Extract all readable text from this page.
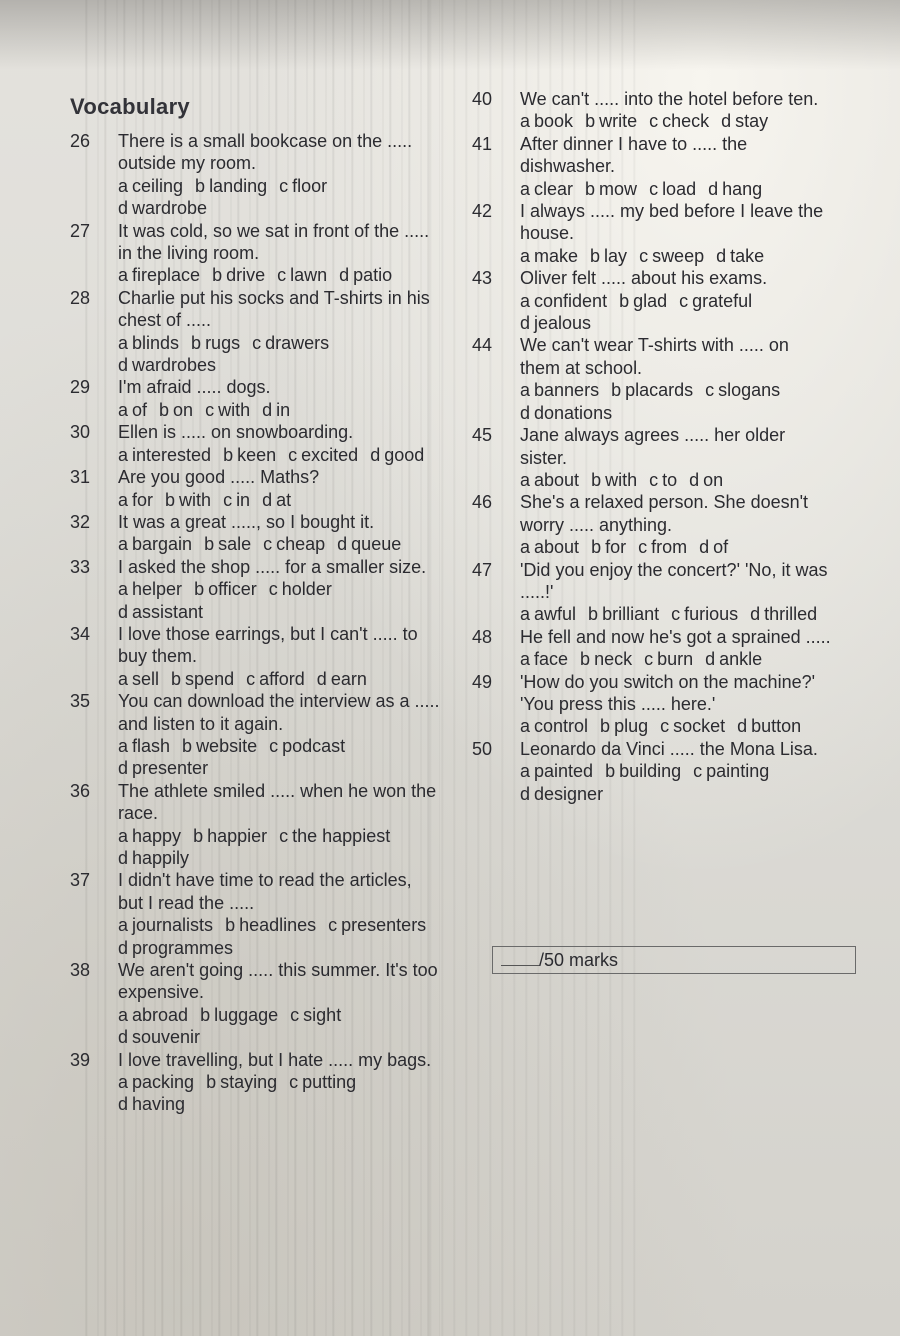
Vocabulary
26	There is a small bookcase on the ..... outside my room.
a ceiling b landing c floord wardrobe
27	It was cold, so we sat in front of the ..... in the living room.
a fireplace b drive c lawn d patio
28	Charlie put his socks and T-shirts in his chest of .....
a blinds b rugs c drawersd wardrobes
29	I'm afraid ..... dogs.
a of b on c with d in
30	Ellen is ..... on snowboarding.
a interested b keen c excited d good
31	Are you good ..... Maths?
a for b with c in d at
32	It was a great ....., so I bought it.
a bargain b sale c cheap d queue
33	I asked the shop ..... for a smaller size.
a helper b officer c holderd assistant
34	I love those earrings, but I can't ..... to buy them.
a sell b spend c afford d earn
35	You can download the interview as a ..... and listen to it again.
a flash b website c podcastd presenter
36	The athlete smiled ..... when he won the race.
a happy b happier c the happiestd happily
37	I didn't have time to read the articles, but I read the .....
a journalists b headlines c presentersd programmes
38	We aren't going ..... this summer. It's too expensive.
a abroad b luggage c sightd souvenir
39	I love travelling, but I hate ..... my bags.
a packing b staying c puttingd having
40	We can't ..... into the hotel before ten.
a book b write c check d stay
41	After dinner I have to ..... the dishwasher.
a clear b mow c load d hang
42	I always ..... my bed before I leave the house.
a make b lay c sweep d take
43	Oliver felt ..... about his exams.
a confident b glad c gratefuld jealous
44	We can't wear T-shirts with ..... on them at school.
a banners b placards c slogansd donations
45	Jane always agrees ..... her older sister.
a about b with c to d on
46	She's a relaxed person. She doesn't worry ..... anything.
a about b for c from d of
47	'Did you enjoy the concert?' 'No, it was .....!'
a awful b brilliant c furious d thrilled
48	He fell and now he's got a sprained .....
a face b neck c burn d ankle
49	'How do you switch on the machine?' 'You press this ..... here.'
a control b plug c socket d button
50	Leonardo da Vinci ..... the Mona Lisa.
a painted b building c paintingd designer
/50 marks
